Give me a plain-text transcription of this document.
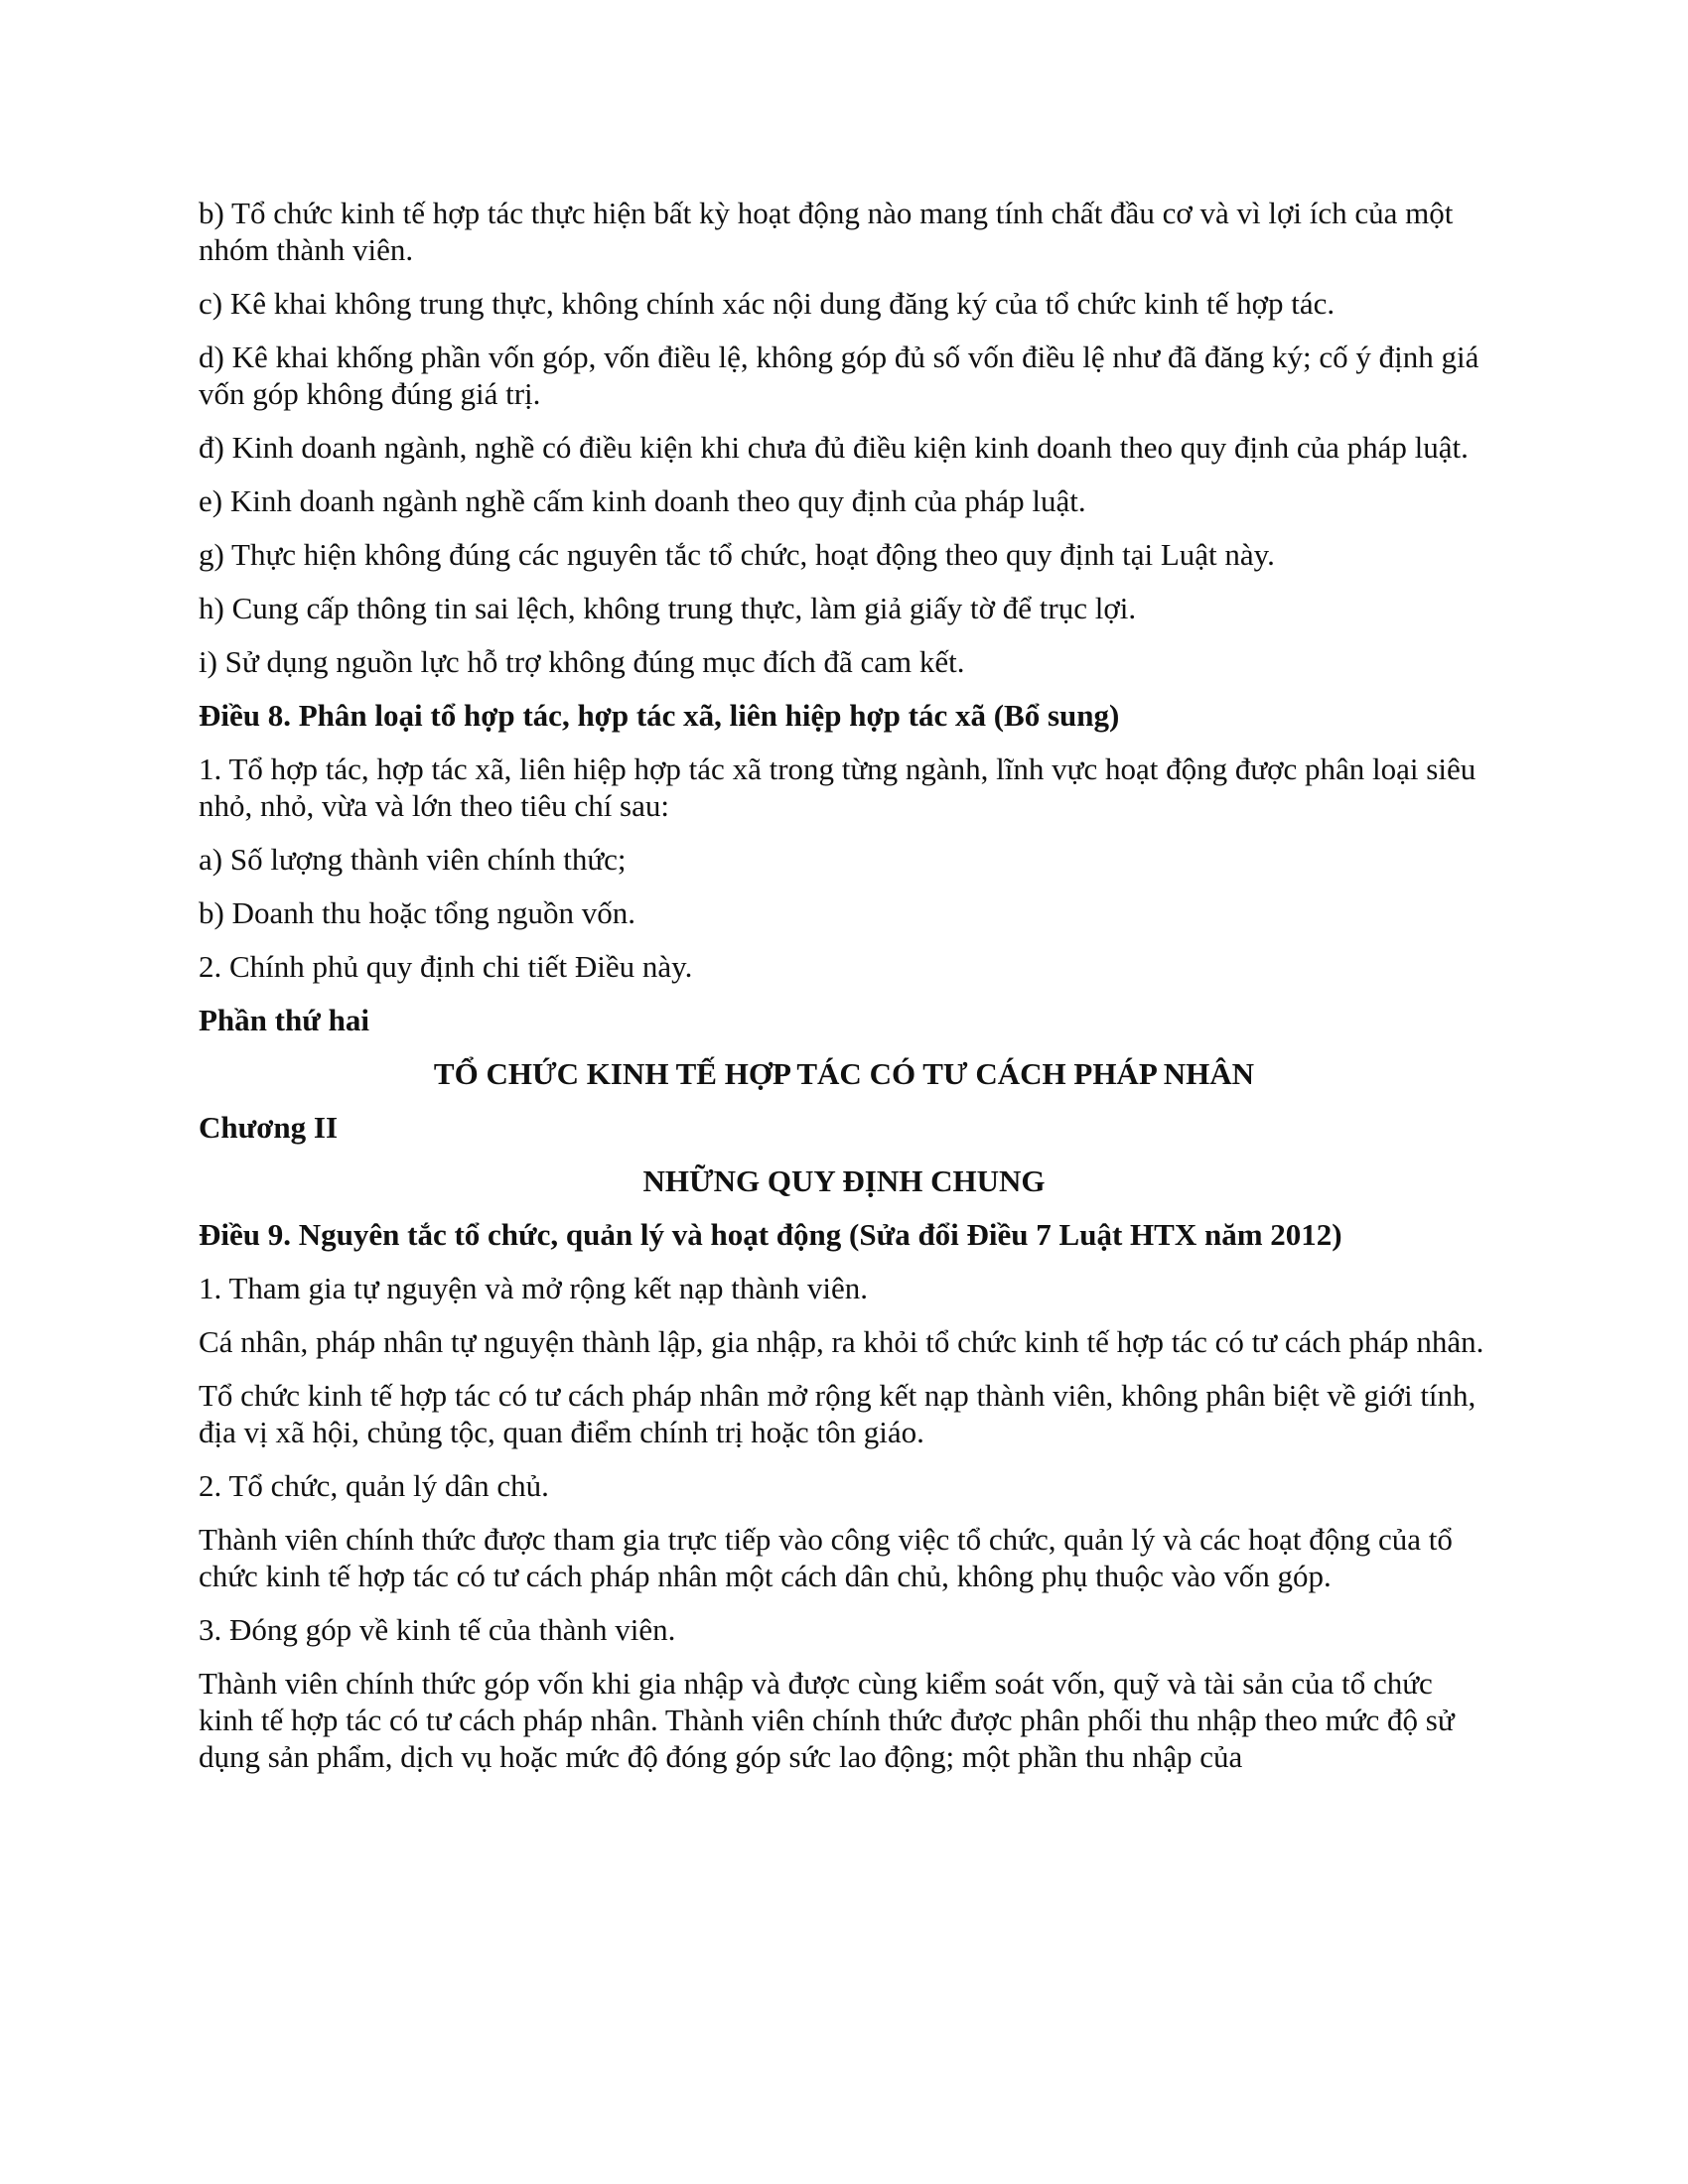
b) Tổ chức kinh tế hợp tác thực hiện bất kỳ hoạt động nào mang tính chất đầu cơ và vì lợi ích của một nhóm thành viên.

c) Kê khai không trung thực, không chính xác nội dung đăng ký của tổ chức kinh tế hợp tác.

d) Kê khai khống phần vốn góp, vốn điều lệ, không góp đủ số vốn điều lệ như đã đăng ký; cố ý định giá vốn góp không đúng giá trị.

đ) Kinh doanh ngành, nghề có điều kiện khi chưa đủ điều kiện kinh doanh theo quy định của pháp luật.

e) Kinh doanh ngành nghề cấm kinh doanh theo quy định của pháp luật.

g) Thực hiện không đúng các nguyên tắc tổ chức, hoạt động theo quy định tại Luật này.

h) Cung cấp thông tin sai lệch, không trung thực, làm giả giấy tờ để trục lợi.

i) Sử dụng nguồn lực hỗ trợ không đúng mục đích đã cam kết.

Điều 8. Phân loại tổ hợp tác, hợp tác xã, liên hiệp hợp tác xã (Bổ sung)

1. Tổ hợp tác, hợp tác xã, liên hiệp hợp tác xã trong từng ngành, lĩnh vực hoạt động được phân loại siêu nhỏ, nhỏ, vừa và lớn theo tiêu chí sau:

a) Số lượng thành viên chính thức;

b) Doanh thu hoặc tổng nguồn vốn.

2. Chính phủ quy định chi tiết Điều này.

Phần thứ hai

TỔ CHỨC KINH TẾ HỢP TÁC CÓ TƯ CÁCH PHÁP NHÂN

Chương II

NHỮNG QUY ĐỊNH CHUNG

Điều 9. Nguyên tắc tổ chức, quản lý và hoạt động (Sửa đổi Điều 7 Luật HTX năm 2012)

1. Tham gia tự nguyện và mở rộng kết nạp thành viên.

Cá nhân, pháp nhân tự nguyện thành lập, gia nhập, ra khỏi tổ chức kinh tế hợp tác có tư cách pháp nhân.

Tổ chức kinh tế hợp tác có tư cách pháp nhân mở rộng kết nạp thành viên, không phân biệt về giới tính, địa vị xã hội, chủng tộc, quan điểm chính trị hoặc tôn giáo.

2. Tổ chức, quản lý dân chủ.

Thành viên chính thức được tham gia trực tiếp vào công việc tổ chức, quản lý và các hoạt động của tổ chức kinh tế hợp tác có tư cách pháp nhân một cách dân chủ, không phụ thuộc vào vốn góp.

3. Đóng góp về kinh tế của thành viên.

Thành viên chính thức góp vốn khi gia nhập và được cùng kiểm soát vốn, quỹ và tài sản của tổ chức kinh tế hợp tác có tư cách pháp nhân. Thành viên chính thức được phân phối thu nhập theo mức độ sử dụng sản phẩm, dịch vụ hoặc mức độ đóng góp sức lao động; một phần thu nhập của
